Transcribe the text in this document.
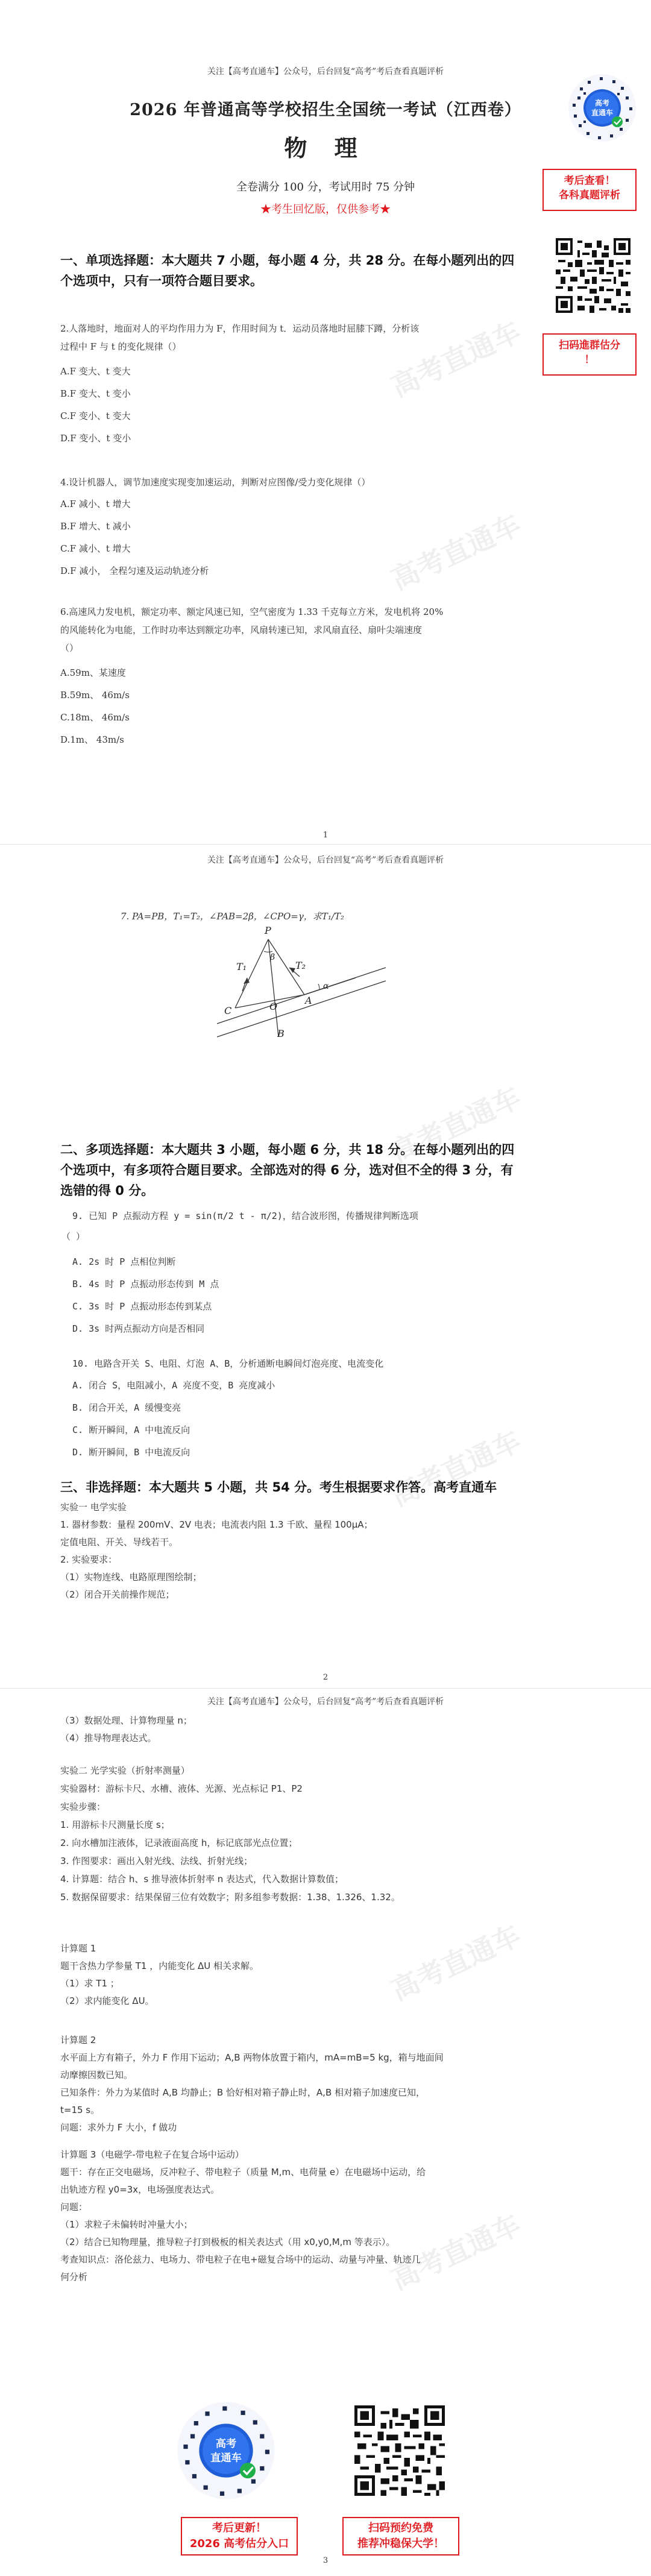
关注【高考直通车】公众号，后台回复“高考”考后查看真题评析
高考
直通车
2026 年普通高等学校招生全国统一考试（江西卷）
物 理
全卷满分 100 分，考试用时 75 分钟
★考生回忆版，仅供参考★
考后查看！
各科真题评析
扫码進群估分
！
高考直通车
高考直通车
一、单项选择题：本大题共 7 小题，每小题 4 分，共 28 分。在每小题列出的四
个选项中，只有一项符合题目要求。
2.人落地时，地面对人的平均作用力为 F，作用时间为 t．运动员落地时屈膝下蹲，分析该
过程中 F 与 t 的变化规律（）
A.F 变大、t 变大
B.F 变大、t 变小
C.F 变小、t 变大
D.F 变小、t 变小
4.设计机器人，调节加速度实现变加速运动，判断对应图像/受力变化规律（）
A.F 减小、t 增大
B.F 增大、t 减小
C.F 减小、t 增大
D.F 减小， 全程匀速及运动轨迹分析
6.高速风力发电机，额定功率、额定风速已知，空气密度为 1.33 千克每立方米，发电机将 20%
的风能转化为电能，工作时功率达到额定功率，风扇转速已知，求风扇直径、扇叶尖端速度
（）
A.59m、某速度
B.59m、 46m/s
C.18m、 46m/s
D.1m、 43m/s
1
关注【高考直通车】公众号，后台回复“高考”考后查看真题评析
7. PA=PB，T₁=T₂，∠PAB=2β，∠CPO=γ，求T₁/T₂
P
T₁	T₂
C
A
O
B
β
α
高考直通车
高考直通车
二、多项选择题：本大题共 3 小题，每小题 6 分，共 18 分。在每小题列出的四
个选项中，有多项符合题目要求。全部选对的得 6 分，选对但不全的得 3 分，有
选错的得 0 分。
9. 已知 P 点振动方程 y = sin(π/2 t - π/2)，结合波形图，传播规律判断选项
（ ）
A. 2s 时 P 点相位判断
B. 4s 时 P 点振动形态传到 M 点
C. 3s 时 P 点振动形态传到某点
D. 3s 时两点振动方向是否相同
10. 电路含开关 S、电阻、灯泡 A、B，分析通断电瞬间灯泡亮度、电流变化
A. 闭合 S，电阻减小，A 亮度不变，B 亮度减小
B. 闭合开关，A 缓慢变亮
C. 断开瞬间，A 中电流反向
D. 断开瞬间，B 中电流反向
三、非选择题：本大题共 5 小题，共 54 分。考生根据要求作答。高考直通车
实验一 电学实验
1. 器材参数：量程 200mV、2V 电表；电流表内阻 1.3 千欧、量程 100μA；
定值电阻、开关、导线若干。
2. 实验要求：
（1）实物连线、电路原理图绘制；
（2）闭合开关前操作规范；
2
关注【高考直通车】公众号，后台回复“高考”考后查看真题评析
（3）数据处理、计算物理量 n；
（4）推导物理表达式。
实验二 光学实验（折射率测量）
实验器材：游标卡尺、水槽、液体、光源、光点标记 P1、P2
实验步骤：
1. 用游标卡尺测量长度 s；
2. 向水槽加注液体，记录液面高度 h，标记底部光点位置；
3. 作图要求：画出入射光线、法线、折射光线；
4. 计算题：结合 h、s 推导液体折射率 n 表达式，代入数据计算数值；
5. 数据保留要求：结果保留三位有效数字；附多组参考数据：1.38、1.326、1.32。
高考直通车
高考直通车
计算题 1
题干含热力学参量 T1 ，内能变化 ΔU 相关求解。
（1）求 T1 ；
（2）求内能变化 ΔU。
计算题 2
水平面上方有箱子，外力 F 作用下运动；A,B 两物体放置于箱内，mA=mB=5 kg，箱与地面间
动摩擦因数已知。
已知条件：外力为某值时 A,B 均静止；B 恰好相对箱子静止时，A,B 相对箱子加速度已知，
t=15 s。
问题：求外力 F 大小，f 做功
计算题 3（电磁学-带电粒子在复合场中运动）
题干：存在正交电磁场，反冲粒子、带电粒子（质量 M,m、电荷量 e）在电磁场中运动，给
出轨迹方程 y0=3x，电场强度表达式。
问题：
（1）求粒子未偏转时冲量大小；
（2）结合已知物理量，推导粒子打到极板的相关表达式（用 x0,y0,M,m 等表示）。
考查知识点：洛伦兹力、电场力、带电粒子在电+磁复合场中的运动、动量与冲量、轨迹几
何分析
高考
直通车
考后更新！
2026 高考估分入口
扫码预约免费
推荐冲稳保大学！
3
